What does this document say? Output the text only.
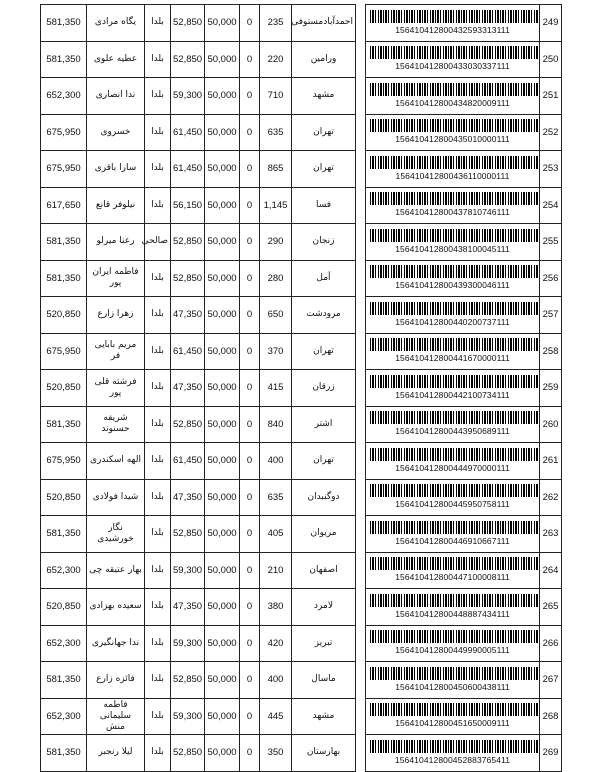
581,350	یگاه مرادی	بلدا	52,850	50,000	0	235	احمدآبادمستوفی		156410412800432593313111	249
581,350	عطیه علوی	بلدا	52,850	50,000	0	220	ورامین		156410412800433030337111	250
652,300	ندا انصاری	بلدا	59,300	50,000	0	710	مشهد		156410412800434820009111	251
675,950	خسروی	بلدا	61,450	50,000	0	635	تهران		156410412800435010000111	252
675,950	سارا باقری	بلدا	61,450	50,000	0	865	تهران		156410412800436110000111	253
617,650	نیلوفر قانع	بلدا	56,150	50,000	0	1,145	فسا		156410412800437810746111	254
581,350	رعنا میرلو	صالحی	52,850	50,000	0	290	زنجان		156410412800438100045111	255
581,350	فاطمه ایران پور	بلدا	52,850	50,000	0	280	آمل		156410412800439300046111	256
520,850	زهرا زارع	بلدا	47,350	50,000	0	650	مرودشت		156410412800440200737111	257
675,950	مریم بابایی فر	بلدا	61,450	50,000	0	370	تهران		156410412800441670000111	258
520,850	فرشته قلی پور	بلدا	47,350	50,000	0	415	زرقان		156410412800442100734111	259
581,350	شریفه حسنوند	بلدا	52,850	50,000	0	840	اشتر		156410412800443950689111	260
675,950	الهه اسکندری	بلدا	61,450	50,000	0	400	تهران		156410412800444970000111	261
520,850	شیدا فولادی	بلدا	47,350	50,000	0	635	دوگنبدان		156410412800445950758111	262
581,350	نگار خورشیدی	بلدا	52,850	50,000	0	405	مریوان		156410412800446910667111	263
652,300	بهار عتیقه چی	بلدا	59,300	50,000	0	210	اصفهان		156410412800447100008111	264
520,850	سعیده بهزادی	بلدا	47,350	50,000	0	380	لامرد		156410412800448887434111	265
652,300	ندا جهانگیری	بلدا	59,300	50,000	0	420	تبریز		156410412800449990005111	266
581,350	فائزه زارع	بلدا	52,850	50,000	0	400	ماسال		156410412800450600438111	267
652,300	فاطمه سلیمانی منش	بلدا	59,300	50,000	0	445	مشهد		156410412800451650009111	268
581,350	لیلا رنجبر	بلدا	52,850	50,000	0	350	بهارستان		156410412800452883765411	269
